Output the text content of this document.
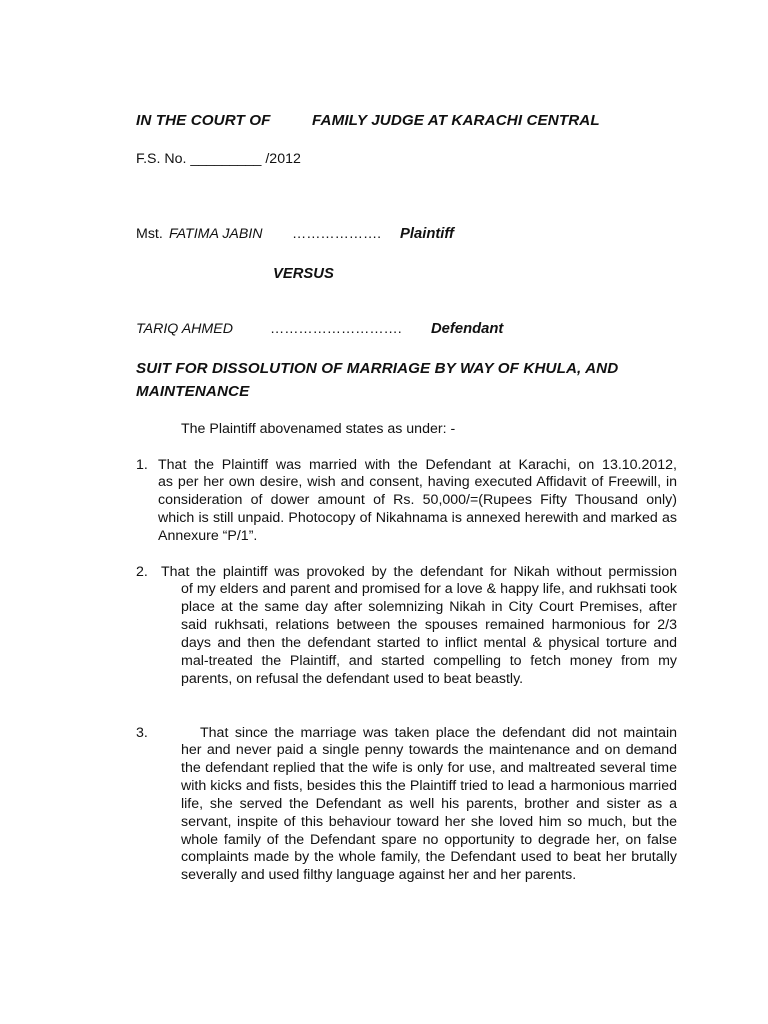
IN THE COURT OF	FAMILY JUDGE AT KARACHI CENTRAL
F.S. No. _________ /2012
Mst. FATIMA JABIN ………………. Plaintiff
VERSUS
TARIQ AHMED	………………………. Defendant
SUIT FOR DISSOLUTION OF MARRIAGE BY WAY OF KHULA, AND
MAINTENANCE
The Plaintiff abovenamed states as under: -
1. That the Plaintiff was married with the Defendant at Karachi, on 13.10.2012,
as per her own desire, wish and consent, having executed Affidavit of Freewill, in consideration of dower amount of Rs. 50,000/=(Rupees Fifty Thousand only) which is still unpaid. Photocopy of Nikahnama is annexed herewith and marked as Annexure “P/1”.
2. That the plaintiff was provoked by the defendant for Nikah without permission
of my elders and parent and promised for a love & happy life, and rukhsati took place at the same day after solemnizing Nikah in City Court Premises, after said rukhsati, relations between the spouses remained harmonious for 2/3 days and then the defendant started to inflict mental & physical torture and mal-treated the Plaintiff, and started compelling to fetch money from my parents, on refusal the defendant used to beat beastly.
3.	That since the marriage was taken place the defendant did not maintain
her and never paid a single penny towards the maintenance and on demand the defendant replied that the wife is only for use, and maltreated several time with kicks and fists, besides this the Plaintiff tried to lead a harmonious married life, she served the Defendant as well his parents, brother and sister as a servant, inspite of this behaviour toward her she loved him so much, but the whole family of the Defendant spare no opportunity to degrade her, on false complaints made by the whole family, the Defendant used to beat her brutally severally and used filthy language against her and her parents.
